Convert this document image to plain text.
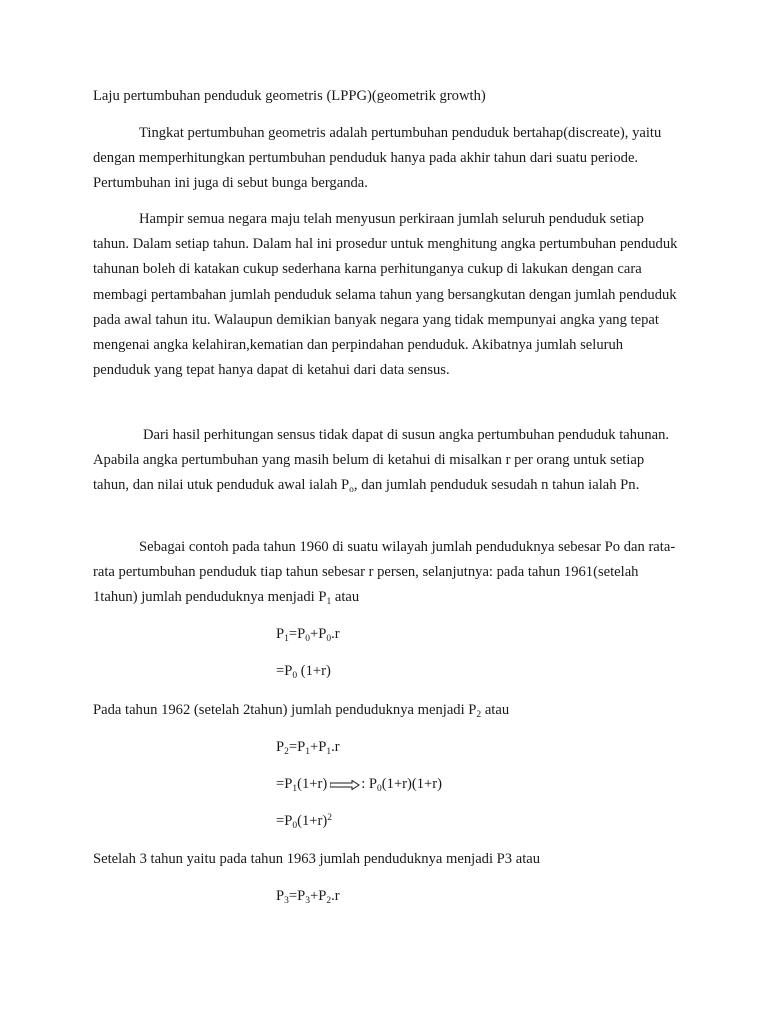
Laju pertumbuhan penduduk geometris (LPPG)(geometrik growth)
Tingkat pertumbuhan geometris adalah pertumbuhan penduduk bertahap(discreate), yaitu dengan memperhitungkan pertumbuhan penduduk hanya pada akhir tahun dari suatu periode. Pertumbuhan ini juga di sebut bunga berganda.
Hampir semua negara maju telah menyusun perkiraan jumlah seluruh penduduk setiap tahun. Dalam setiap tahun. Dalam hal ini prosedur untuk menghitung angka pertumbuhan penduduk tahunan boleh di katakan cukup sederhana karna perhitunganya cukup di lakukan dengan cara membagi pertambahan jumlah penduduk selama tahun yang bersangkutan dengan jumlah penduduk pada awal tahun itu. Walaupun demikian banyak negara yang tidak mempunyai angka yang tepat mengenai angka kelahiran,kematian dan perpindahan penduduk. Akibatnya jumlah seluruh penduduk yang tepat hanya dapat di ketahui dari data sensus.
Dari hasil perhitungan sensus tidak dapat di susun angka pertumbuhan penduduk tahunan. Apabila angka pertumbuhan yang masih belum di ketahui di misalkan r per orang untuk setiap tahun, dan nilai utuk penduduk awal ialah $P_o$, dan jumlah penduduk sesudah n tahun ialah Pn.
Sebagai contoh pada tahun 1960 di suatu wilayah jumlah penduduknya sebesar Po dan rata-rata pertumbuhan penduduk tiap tahun sebesar r persen, selanjutnya: pada tahun 1961(setelah 1tahun) jumlah penduduknya menjadi $P_1$ atau
$P_1=P_0+P_0.r$
$=P_0$ (1+r)
Pada tahun 1962 (setelah 2tahun) jumlah penduduknya menjadi $P_2$ atau
$P_2=P_1+P_1.r$
$=P_1(1+r)$ : $P_0(1+r)(1+r)$
$=P_0(1+r)^2$
Setelah 3 tahun yaitu pada tahun 1963 jumlah penduduknya menjadi P3 atau
$P_3=P_3+P_2.r$
